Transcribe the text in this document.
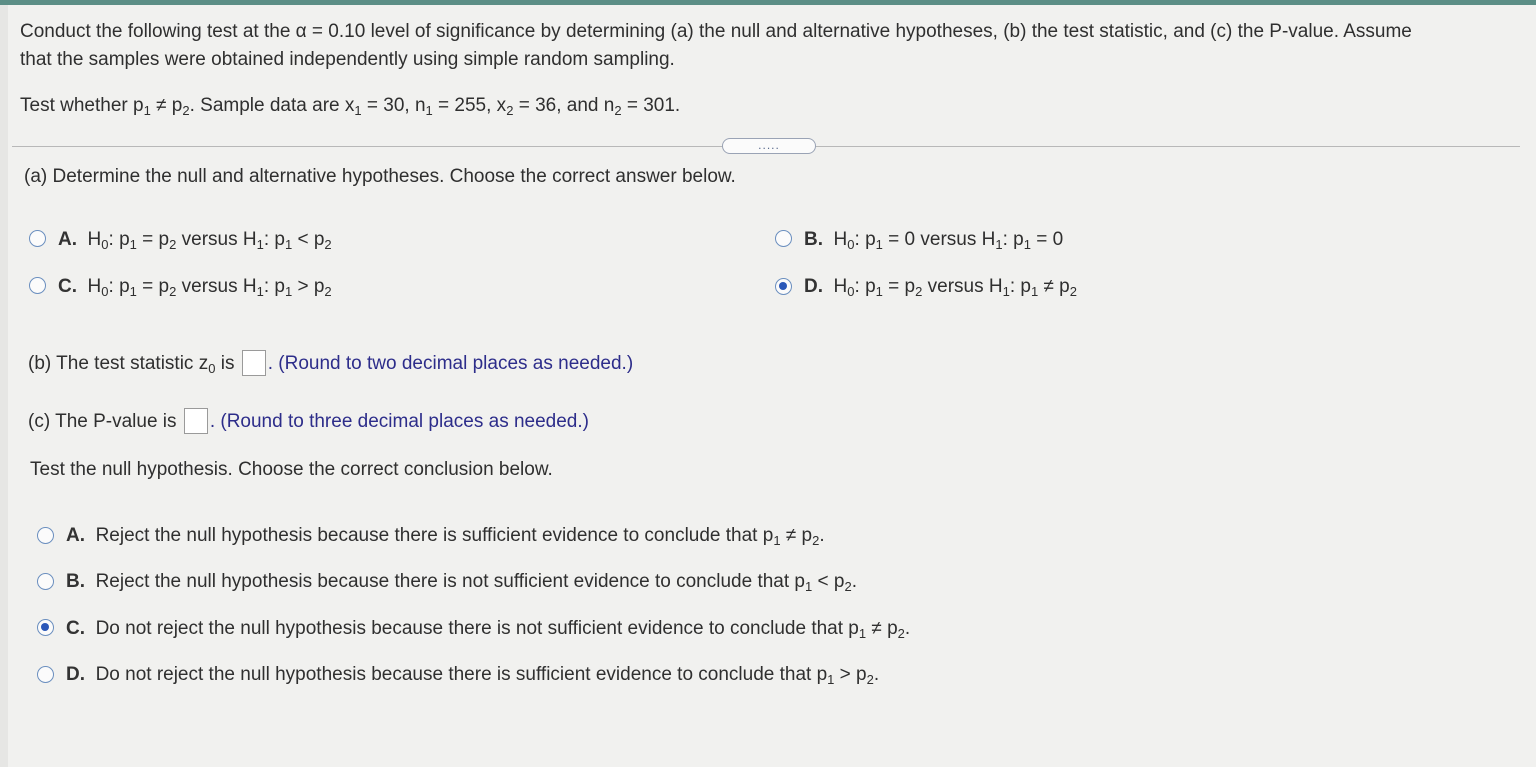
Conduct the following test at the α = 0.10 level of significance by determining (a) the null and alternative hypotheses, (b) the test statistic, and (c) the P-value. Assume
that the samples were obtained independently using simple random sampling.
Test whether $p_1 \ne p_2$. Sample data are $x_1 = 30$, $n_1 = 255$, $x_2 = 36$, and $n_2 = 301$.
.....
(a) Determine the null and alternative hypotheses. Choose the correct answer below.
A.  $H_0$: $p_1 = p_2$ versus $H_1$: $p_1 < p_2$	B.  $H_0$: $p_1 = 0$ versus $H_1$: $p_1 = 0$
C.  $H_0$: $p_1 = p_2$ versus $H_1$: $p_1 > p_2$	D.  $H_0$: $p_1 = p_2$ versus $H_1$: $p_1 \ne p_2$
(b) The test statistic $z_0$ is . (Round to two decimal places as needed.)
(c) The P-value is . (Round to three decimal places as needed.)
Test the null hypothesis. Choose the correct conclusion below.
A. Reject the null hypothesis because there is sufficient evidence to conclude that $p_1 \ne p_2$.
B. Reject the null hypothesis because there is not sufficient evidence to conclude that $p_1 < p_2$.
C. Do not reject the null hypothesis because there is not sufficient evidence to conclude that $p_1 \ne p_2$.
D. Do not reject the null hypothesis because there is sufficient evidence to conclude that $p_1 > p_2$.
